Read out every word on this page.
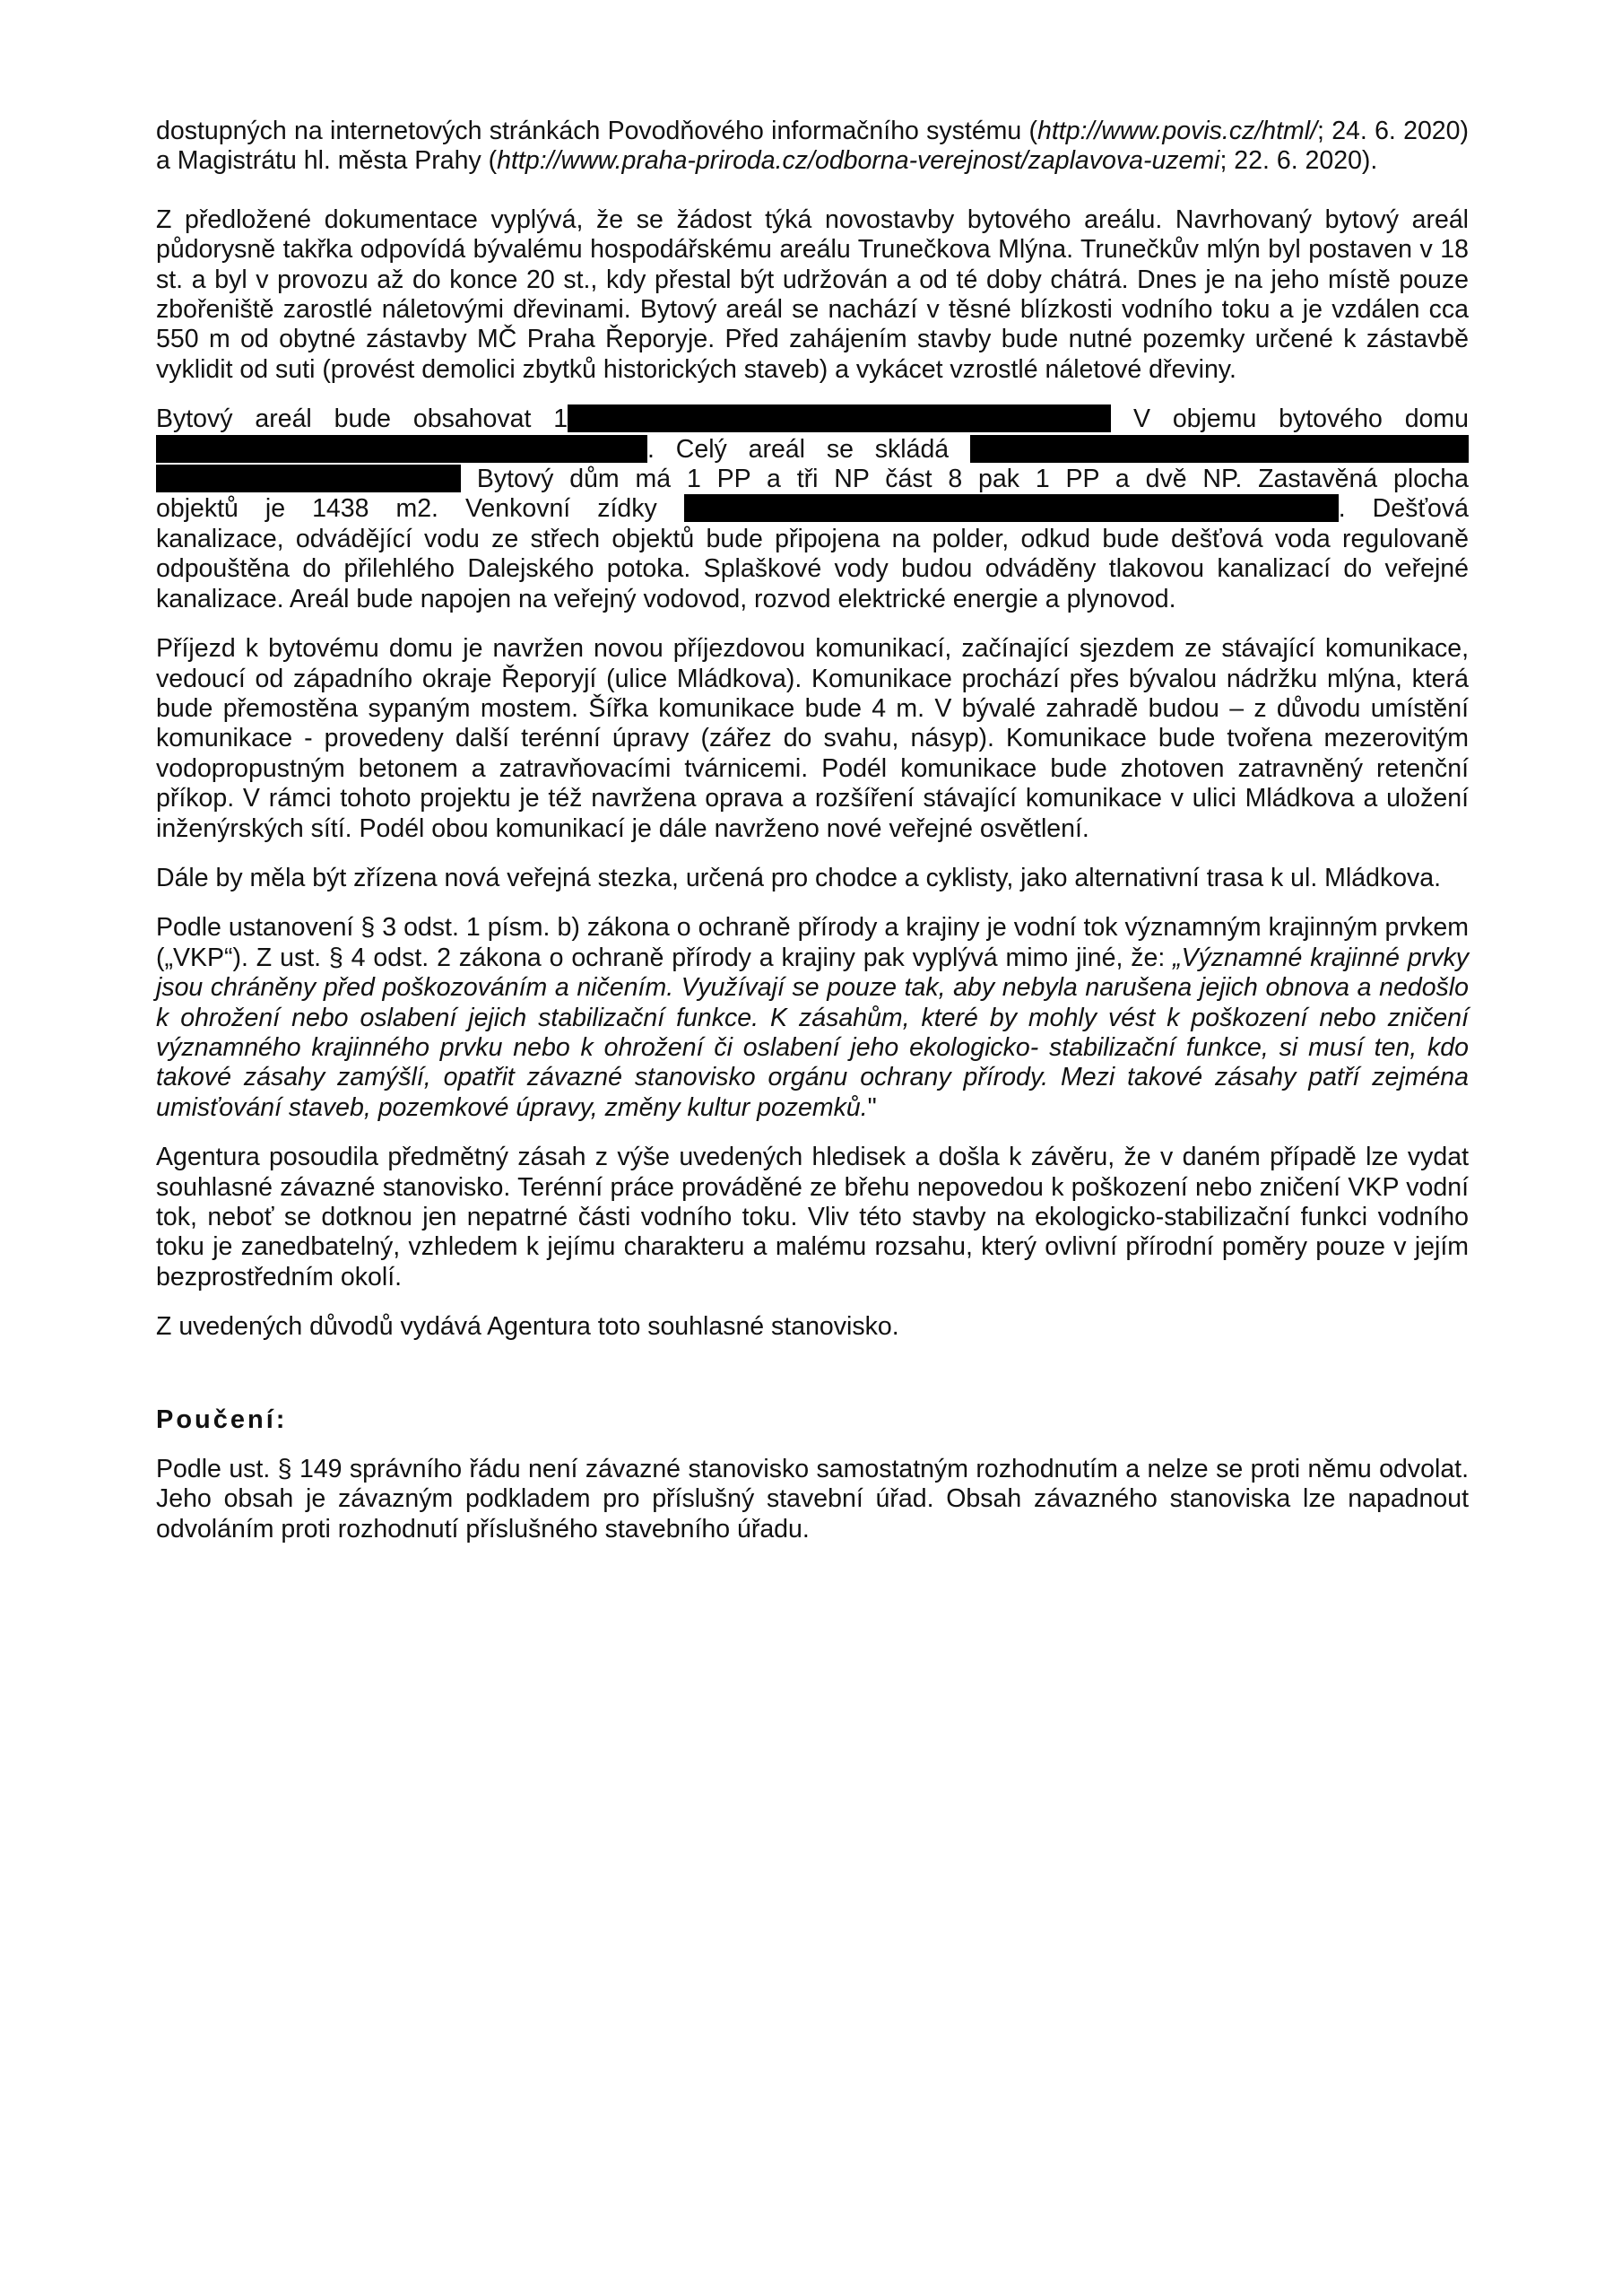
dostupných na internetových stránkách Povodňového informačního systému (http://www.povis.cz/html/; 24. 6. 2020) a Magistrátu hl. města Prahy (http://www.praha-priroda.cz/odborna-verejnost/zaplavova-uzemi; 22. 6. 2020).

Z předložené dokumentace vyplývá, že se žádost týká novostavby bytového areálu. Navrhovaný bytový areál půdorysně takřka odpovídá bývalému hospodářskému areálu Trunečkova Mlýna. Trunečkův mlýn byl postaven v 18 st. a byl v provozu až do konce 20 st., kdy přestal být udržován a od té doby chátrá. Dnes je na jeho místě pouze zbořeniště zarostlé náletovými dřevinami. Bytový areál se nachází v těsné blízkosti vodního toku a je vzdálen cca 550 m od obytné zástavby MČ Praha Řeporyje. Před zahájením stavby bude nutné pozemky určené k zástavbě vyklidit od suti (provést demolici zbytků historických staveb) a vykácet vzrostlé náletové dřeviny.

Bytový areál bude obsahovat 1	V objemu bytového domu
. Celý areál se skládá
Bytový dům má 1 PP a tři NP část 8 pak 1 PP a dvě NP. Zastavěná plocha
objektů je 1438 m2. Venkovní zídky	. Dešťová
kanalizace, odvádějící vodu ze střech objektů bude připojena na polder, odkud bude dešťová voda regulovaně odpouštěna do přilehlého Dalejského potoka. Splaškové vody budou odváděny tlakovou kanalizací do veřejné kanalizace. Areál bude napojen na veřejný vodovod, rozvod elektrické energie a plynovod.

Příjezd k bytovému domu je navržen novou příjezdovou komunikací, začínající sjezdem ze stávající komunikace, vedoucí od západního okraje Řeporyjí (ulice Mládkova). Komunikace prochází přes bývalou nádržku mlýna, která bude přemostěna sypaným mostem. Šířka komunikace bude 4 m. V bývalé zahradě budou – z důvodu umístění komunikace - provedeny další terénní úpravy (zářez do svahu, násyp). Komunikace bude tvořena mezerovitým vodopropustným betonem a zatravňovacími tvárnicemi. Podél komunikace bude zhotoven zatravněný retenční příkop. V rámci tohoto projektu je též navržena oprava a rozšíření stávající komunikace v ulici Mládkova a uložení inženýrských sítí. Podél obou komunikací je dále navrženo nové veřejné osvětlení.

Dále by měla být zřízena nová veřejná stezka, určená pro chodce a cyklisty, jako alternativní trasa k ul. Mládkova.

Podle ustanovení § 3 odst. 1 písm. b) zákona o ochraně přírody a krajiny je vodní tok významným krajinným prvkem („VKP“). Z ust. § 4 odst. 2 zákona o ochraně přírody a krajiny pak vyplývá mimo jiné, že: „Významné krajinné prvky jsou chráněny před poškozováním a ničením. Využívají se pouze tak, aby nebyla narušena jejich obnova a nedošlo k ohrožení nebo oslabení jejich stabilizační funkce. K zásahům, které by mohly vést k poškození nebo zničení významného krajinného prvku nebo k ohrožení či oslabení jeho ekologicko- stabilizační funkce, si musí ten, kdo takové zásahy zamýšlí, opatřit závazné stanovisko orgánu ochrany přírody. Mezi takové zásahy patří zejména umisťování staveb, pozemkové úpravy, změny kultur pozemků."

Agentura posoudila předmětný zásah z výše uvedených hledisek a došla k závěru, že v daném případě lze vydat souhlasné závazné stanovisko. Terénní práce prováděné ze břehu nepovedou k poškození nebo zničení VKP vodní tok, neboť se dotknou jen nepatrné části vodního toku. Vliv této stavby na ekologicko-stabilizační funkci vodního toku je zanedbatelný, vzhledem k jejímu charakteru a malému rozsahu, který ovlivní přírodní poměry pouze v jejím bezprostředním okolí.

Z uvedených důvodů vydává Agentura toto souhlasné stanovisko.

Poučení:

Podle ust. § 149 správního řádu není závazné stanovisko samostatným rozhodnutím a nelze se proti němu odvolat. Jeho obsah je závazným podkladem pro příslušný stavební úřad. Obsah závazného stanoviska lze napadnout odvoláním proti rozhodnutí příslušného stavebního úřadu.
